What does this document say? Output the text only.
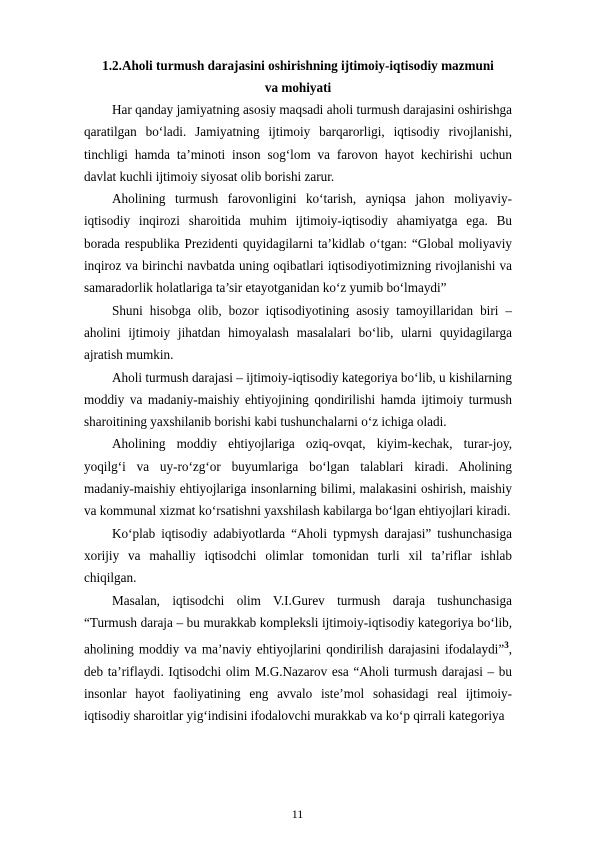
1.2.Aholi turmush darajasini oshirishning ijtimoiy-iqtisodiy mazmuni
va mohiyati

Har qanday jamiyatning asosiy maqsadi aholi turmush darajasini oshirishga qaratilgan bo‘ladi. Jamiyatning ijtimoiy barqarorligi, iqtisodiy rivojlanishi, tinchligi hamda ta’minoti inson sog‘lom va farovon hayot kechirishi uchun davlat kuchli ijtimoiy siyosat olib borishi zarur.

Aholining turmush farovonligini ko‘tarish, ayniqsa jahon moliyaviy-iqtisodiy inqirozi sharoitida muhim ijtimoiy-iqtisodiy ahamiyatga ega. Bu borada respublika Prezidenti quyidagilarni ta’kidlab o‘tgan: “Global moliyaviy inqiroz va birinchi navbatda uning oqibatlari iqtisodiyotimizning rivojlanishi va samaradorlik holatlariga ta’sir etayotganidan ko‘z yumib bo‘lmaydi”

Shuni hisobga olib, bozor iqtisodiyotining asosiy tamoyillaridan biri – aholini ijtimoiy jihatdan himoyalash masalalari bo‘lib, ularni quyidagilarga ajratish mumkin.

Aholi turmush darajasi – ijtimoiy-iqtisodiy kategoriya bo‘lib, u kishilarning moddiy va madaniy-maishiy ehtiyojining qondirilishi hamda ijtimoiy turmush sharoitining yaxshilanib borishi kabi tushunchalarni o‘z ichiga oladi.

Aholining moddiy ehtiyojlariga oziq-ovqat, kiyim-kechak, turar-joy, yoqilg‘i va uy-ro‘zg‘or buyumlariga bo‘lgan talablari kiradi. Aholining madaniy-maishiy ehtiyojlariga insonlarning bilimi, malakasini oshirish, maishiy va kommunal xizmat ko‘rsatishni yaxshilash kabilarga bo‘lgan ehtiyojlari kiradi.

Ko‘plab iqtisodiy adabiyotlarda “Aholi typmysh darajasi” tushunchasiga xorijiy va mahalliy iqtisodchi olimlar tomonidan turli xil ta’riflar ishlab chiqilgan.

Masalan, iqtisodchi olim V.I.Gurev turmush daraja tushunchasiga “Turmush daraja – bu murakkab kompleksli ijtimoiy-iqtisodiy kategoriya bo‘lib, aholining moddiy va ma’naviy ehtiyojlarini qondirilish darajasini ifodalaydi”$^3$, deb ta’riflaydi. Iqtisodchi olim M.G.Nazarov esa “Aholi turmush darajasi – bu insonlar hayot faoliyatining eng avvalo iste’mol sohasidagi real ijtimoiy-iqtisodiy sharoitlar yig‘indisini ifodalovchi murakkab va ko‘p qirrali kategoriya

11
